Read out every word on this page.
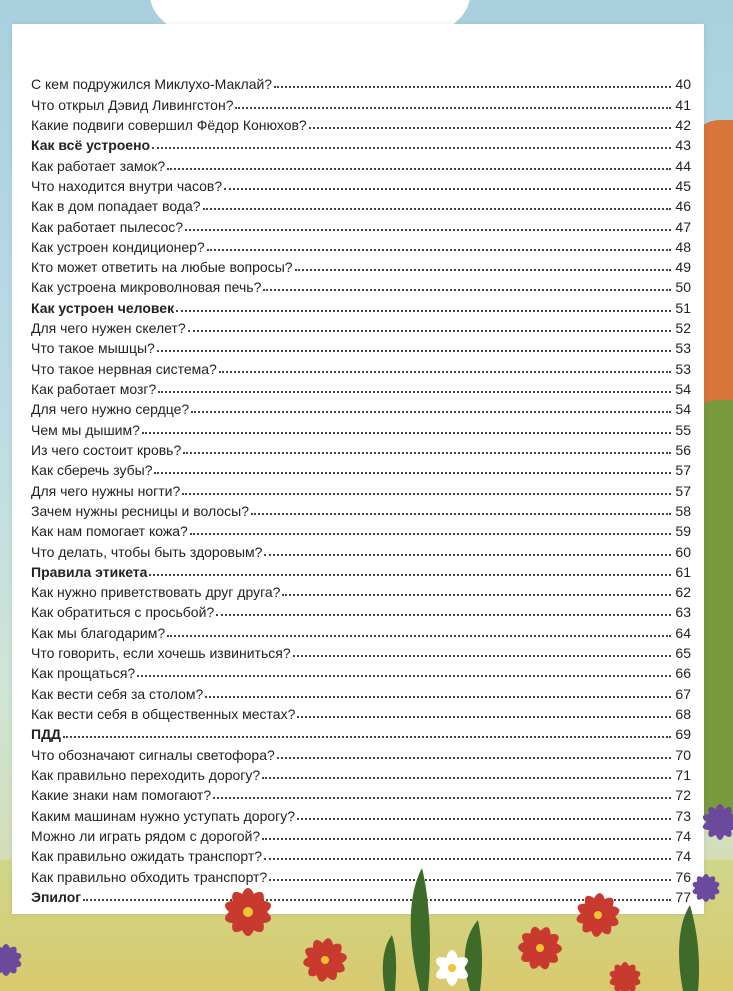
С кем подружился Миклухо-Маклай?	40
Что открыл Дэвид Ливингстон?	41
Какие подвиги совершил Фёдор Конюхов?	42
Как всё устроено	43
Как работает замок?	44
Что находится внутри часов?	45
Как в дом попадает вода?	46
Как работает пылесос?	47
Как устроен кондиционер?	48
Кто может ответить на любые вопросы?	49
Как устроена микроволновая печь?	50
Как устроен человек	51
Для чего нужен скелет?	52
Что такое мышцы?	53
Что такое нервная система?	53
Как работает мозг?	54
Для чего нужно сердце?	54
Чем мы дышим?	55
Из чего состоит кровь?	56
Как сберечь зубы?	57
Для чего нужны ногти?	57
Зачем нужны ресницы и волосы?	58
Как нам помогает кожа?	59
Что делать, чтобы быть здоровым?	60
Правила этикета	61
Как нужно приветствовать друг друга?	62
Как обратиться с просьбой?	63
Как мы благодарим?	64
Что говорить, если хочешь извиниться?	65
Как прощаться?	66
Как вести себя за столом?	67
Как вести себя в общественных местах?	68
ПДД	69
Что обозначают сигналы светофора?	70
Как правильно переходить дорогу?	71
Какие знаки нам помогают?	72
Каким машинам нужно уступать дорогу?	73
Можно ли играть рядом с дорогой?	74
Как правильно ожидать транспорт?	74
Как правильно обходить транспорт?	76
Эпилог	77
